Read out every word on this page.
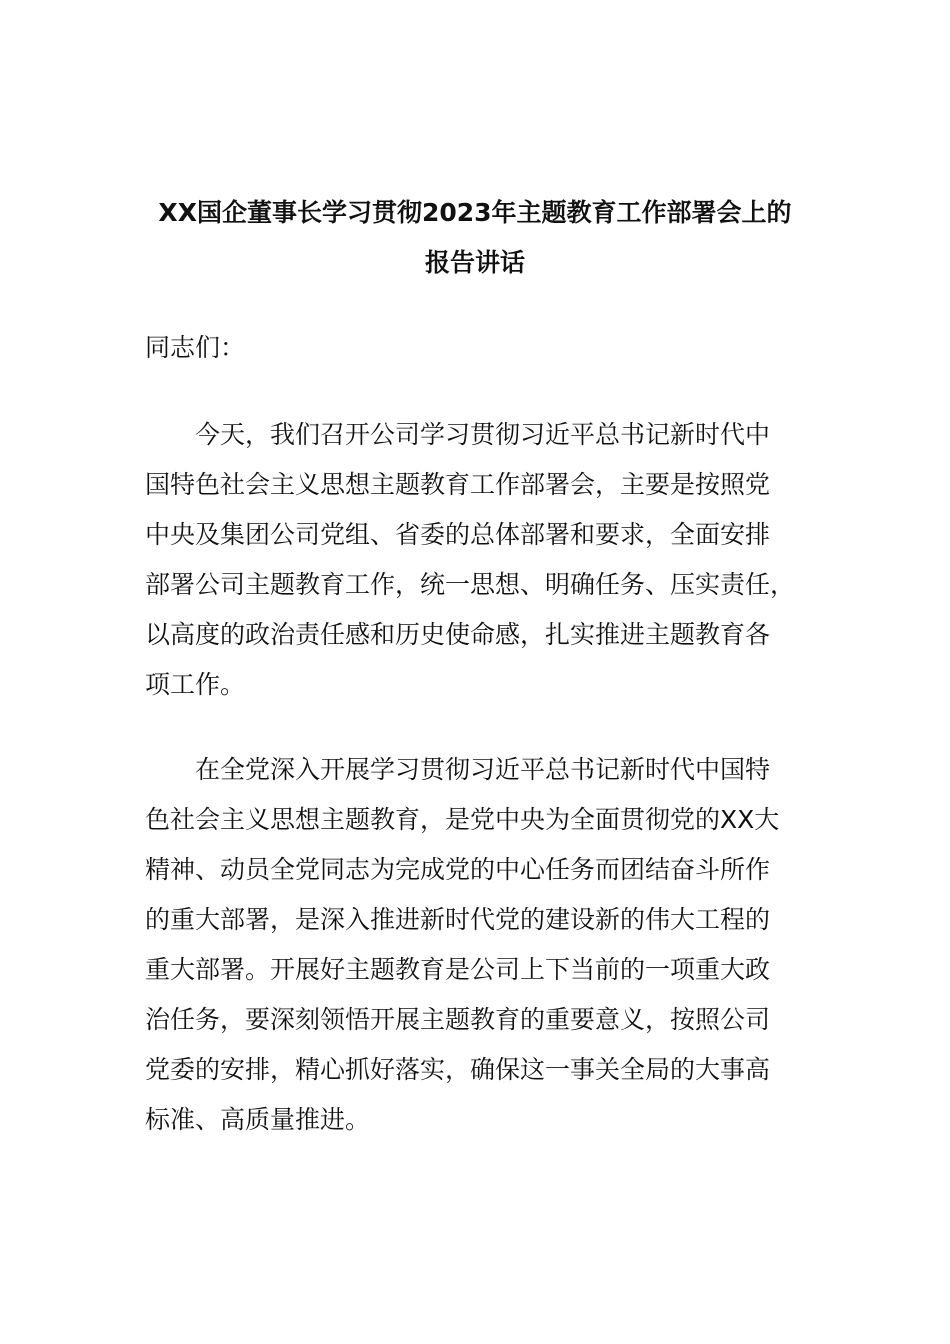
XX国企董事长学习贯彻2023年主题教育工作部署会上的
报告讲话
同志们：
　　今天，我们召开公司学习贯彻习近平总书记新时代中
国特色社会主义思想主题教育工作部署会，主要是按照党
中央及集团公司党组、省委的总体部署和要求，全面安排
部署公司主题教育工作，统一思想、明确任务、压实责任，
以高度的政治责任感和历史使命感，扎实推进主题教育各
项工作。
　　在全党深入开展学习贯彻习近平总书记新时代中国特
色社会主义思想主题教育，是党中央为全面贯彻党的XX大
精神、动员全党同志为完成党的中心任务而团结奋斗所作
的重大部署，是深入推进新时代党的建设新的伟大工程的
重大部署。开展好主题教育是公司上下当前的一项重大政
治任务，要深刻领悟开展主题教育的重要意义，按照公司
党委的安排，精心抓好落实，确保这一事关全局的大事高
标准、高质量推进。
